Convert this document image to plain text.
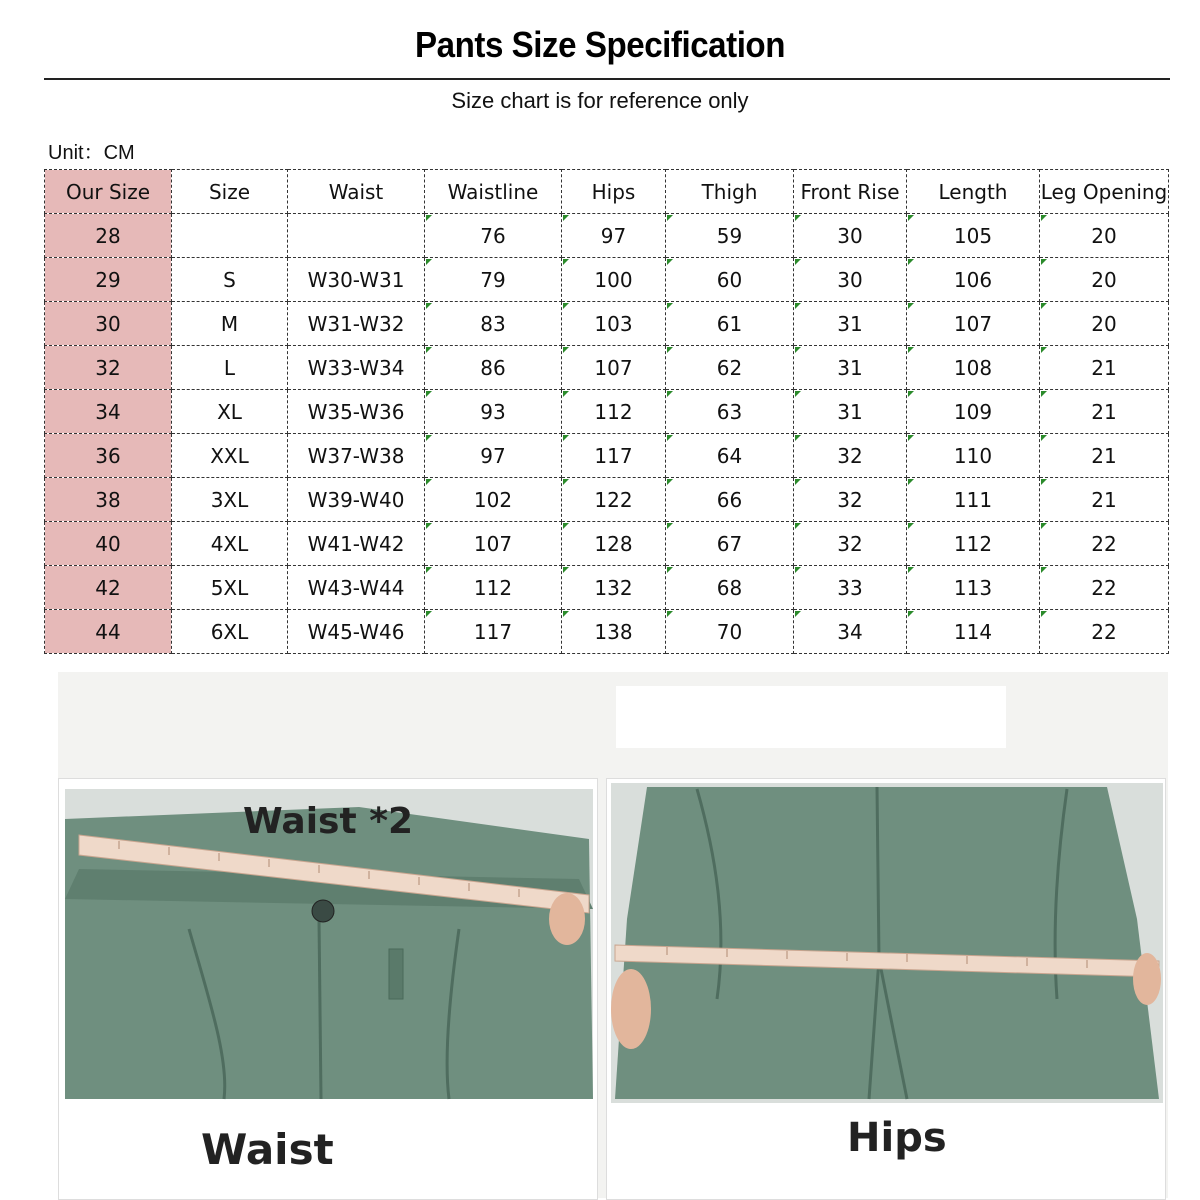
Pants Size Specification
Size chart is for reference only
Unit：CM
Our Size	Size	Waist	Waistline	Hips	Thigh	Front Rise	Length	Leg Opening
28			76	97	59	30	105	20

29	S	W30-W31	79	100	60	30	106	20

30	M	W31-W32	83	103	61	31	107	20

32	L	W33-W34	86	107	62	31	108	21

34	XL	W35-W36	93	112	63	31	109	21

36	XXL	W37-W38	97	117	64	32	110	21

38	3XL	W39-W40	102	122	66	32	111	21

40	4XL	W41-W42	107	128	67	32	112	22

42	5XL	W43-W44	112	132	68	33	113	22

44	6XL	W45-W46	117	138	70	34	114	22
Waist *2
Waist	Hips
